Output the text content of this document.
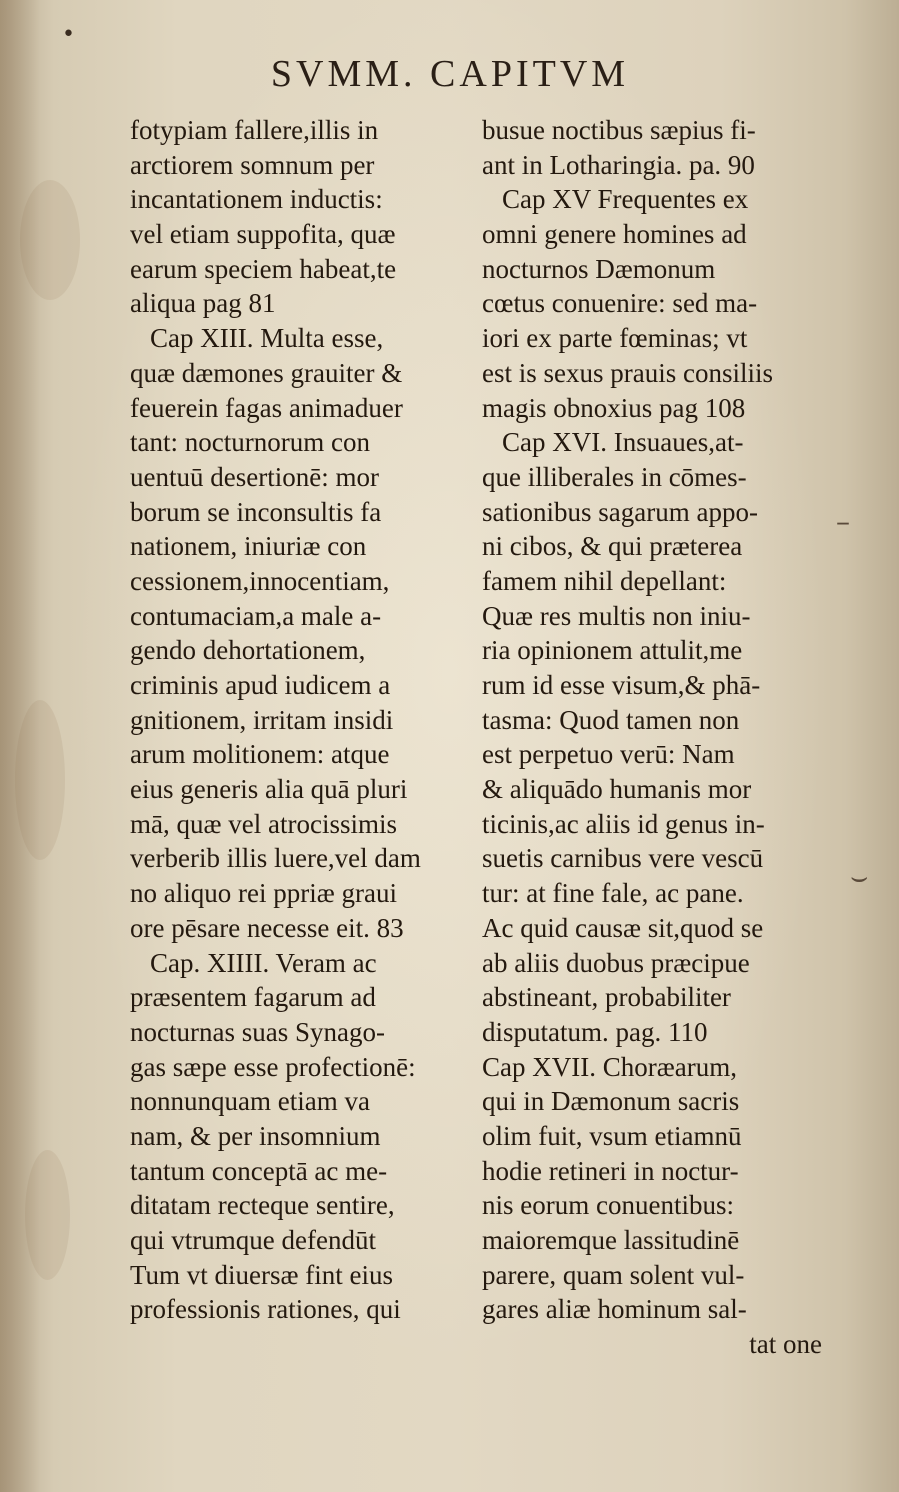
•
–
⌣
SVMM. CAPITVM
fotypiam fallere,illis in
arctiorem somnum per
incantationem inductis:
vel etiam suppofita, quæ
earum speciem habeat,te
aliqua pag 81
Cap XIII. Multa esse,
quæ dæmones grauiter &
feuerein fagas animaduer
tant: nocturnorum con
uentuū desertionē: mor
borum se inconsultis fa
nationem, iniuriæ con
cessionem,innocentiam,
contumaciam,a male a-
gendo dehortationem,
criminis apud iudicem a
gnitionem, irritam insidi
arum molitionem: atque
eius generis alia quā pluri
mā, quæ vel atrocissimis
verberib illis luere,vel dam
no aliquo rei ppriæ graui
ore pēsare necesse eit. 83
Cap. XIIII. Veram ac
præsentem fagarum ad
nocturnas suas Synago-
gas sæpe esse profectionē:
nonnunquam etiam va
nam, & per insomnium
tantum conceptā ac me-
ditatam recteque sentire,
qui vtrumque defendūt
Tum vt diuersæ fint eius
professionis rationes, qui
busue noctibus sæpius fi-
ant in Lotharingia. pa. 90
Cap XV Frequentes ex
omni genere homines ad
nocturnos Dæmonum
cœtus conuenire: sed ma-
iori ex parte fœminas; vt
est is sexus prauis consiliis
magis obnoxius pag 108
Cap XVI. Insuaues,at-
que illiberales in cōmes-
sationibus sagarum appo-
ni cibos, & qui præterea
famem nihil depellant:
Quæ res multis non iniu-
ria opinionem attulit,me
rum id esse visum,& phā-
tasma: Quod tamen non
est perpetuo verū: Nam
& aliquādo humanis mor
ticinis,ac aliis id genus in-
suetis carnibus vere vescū
tur: at fine fale, ac pane.
Ac quid causæ sit,quod se
ab aliis duobus præcipue
abstineant, probabiliter
disputatum. pag. 110
Cap XVII. Choræarum,
qui in Dæmonum sacris
olim fuit, vsum etiamnū
hodie retineri in noctur-
nis eorum conuentibus:
maioremque lassitudinē
parere, quam solent vul-
gares aliæ hominum sal-
tat one
